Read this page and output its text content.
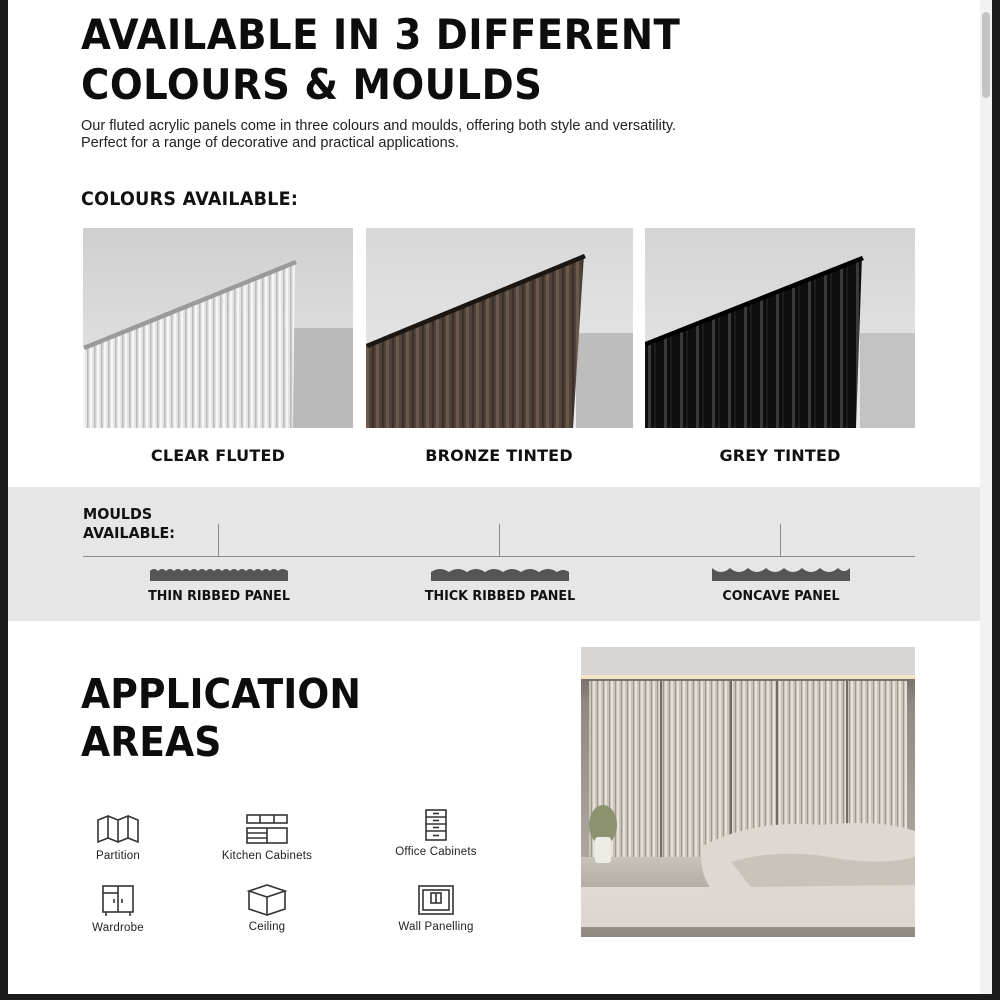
AVAILABLE IN 3 DIFFERENT
COLOURS & MOULDS
Our fluted acrylic panels come in three colours and moulds, offering both style and versatility.
Perfect for a range of decorative and practical applications.
COLOURS AVAILABLE:
CLEAR FLUTED	BRONZE TINTED	GREY TINTED
MOULDS
AVAILABLE:
THIN RIBBED PANEL	THICK RIBBED PANEL	CONCAVE PANEL
APPLICATION
AREAS
Partition	Kitchen Cabinets	Office Cabinets
Wardrobe	Ceiling	Wall Panelling
